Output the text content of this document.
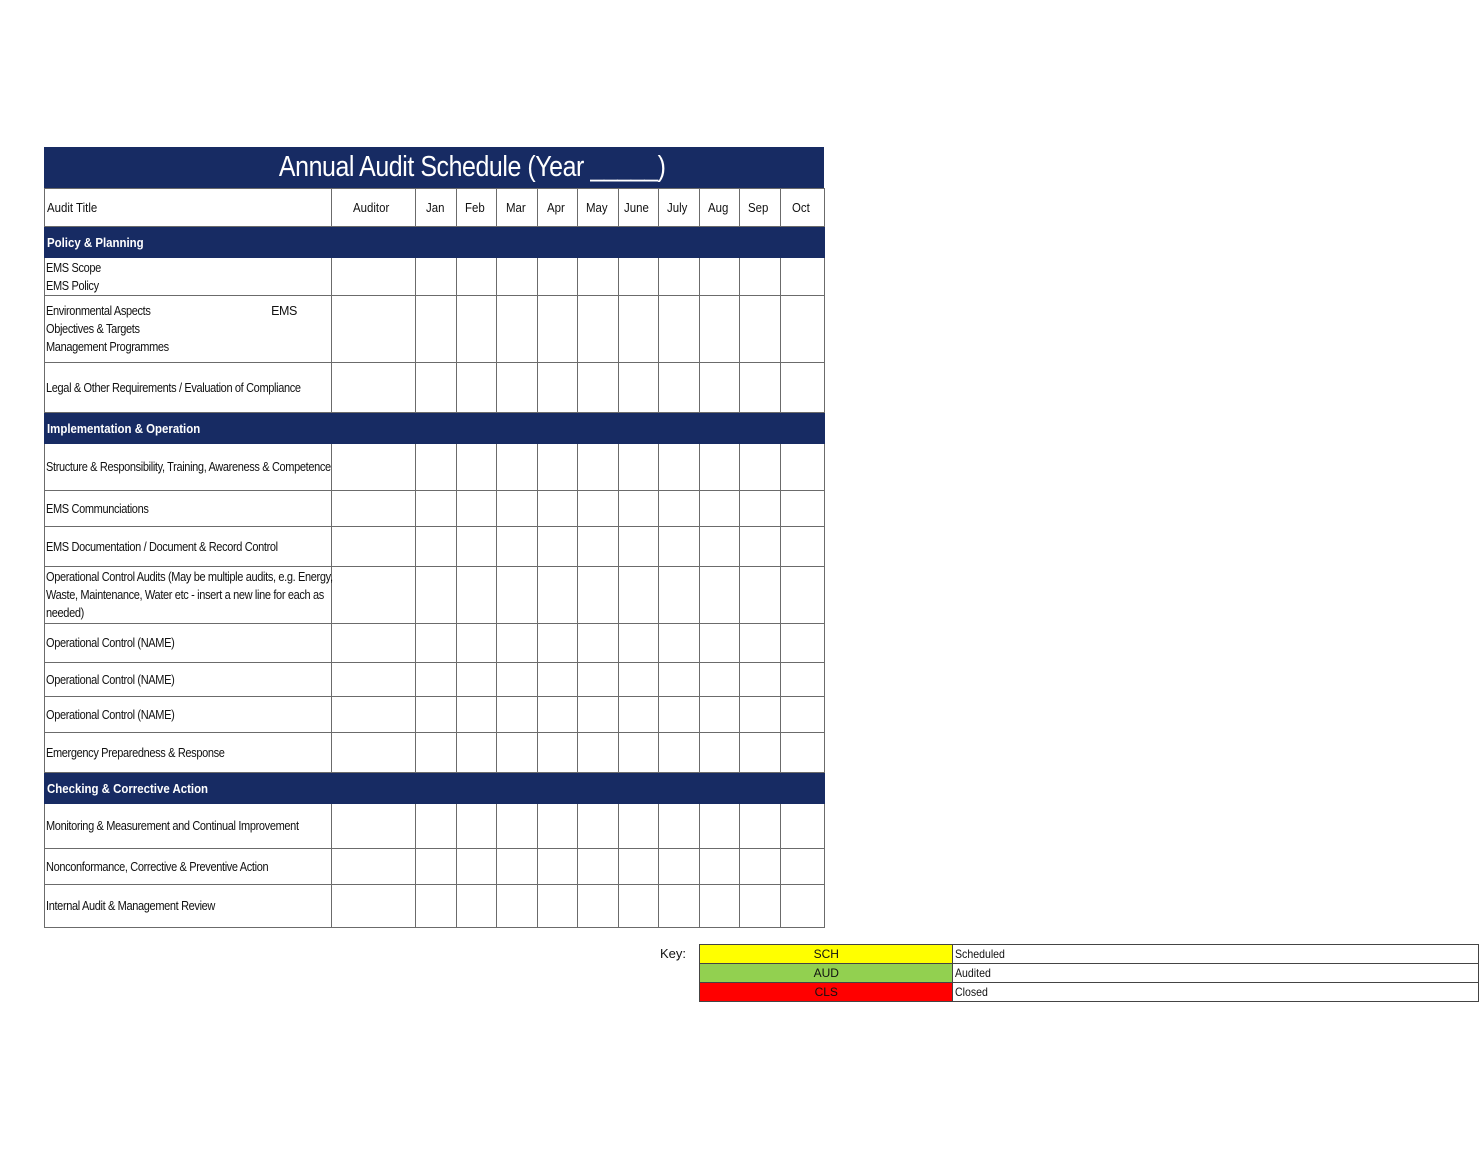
Annual Audit Schedule (Year _____)
Audit Title	Auditor	Jan	Feb	Mar	Apr	May	June	July	Aug	Sep	Oct
Policy & Planning											

EMS Scope
EMS Policy											

Environmental Aspects
Objectives & Targets
Management Programmes
EMS											

Legal & Other Requirements / Evaluation of Compliance											

Implementation & Operation											

Structure & Responsibility, Training, Awareness & Competence											

EMS Communciations											

EMS Documentation / Document & Record Control											

Operational Control Audits (May be multiple audits, e.g. Energy,
Waste, Maintenance, Water etc - insert a new line for each as
needed)											

Operational Control (NAME)											

Operational Control (NAME)											

Operational Control (NAME)											

Emergency Preparedness & Response											

Checking & Corrective Action											

Monitoring & Measurement and Continual Improvement											

Nonconformance, Corrective & Preventive Action											

Internal Audit & Management Review											

Key:	SCH	Scheduled
AUD	Audited
CLS	Closed
